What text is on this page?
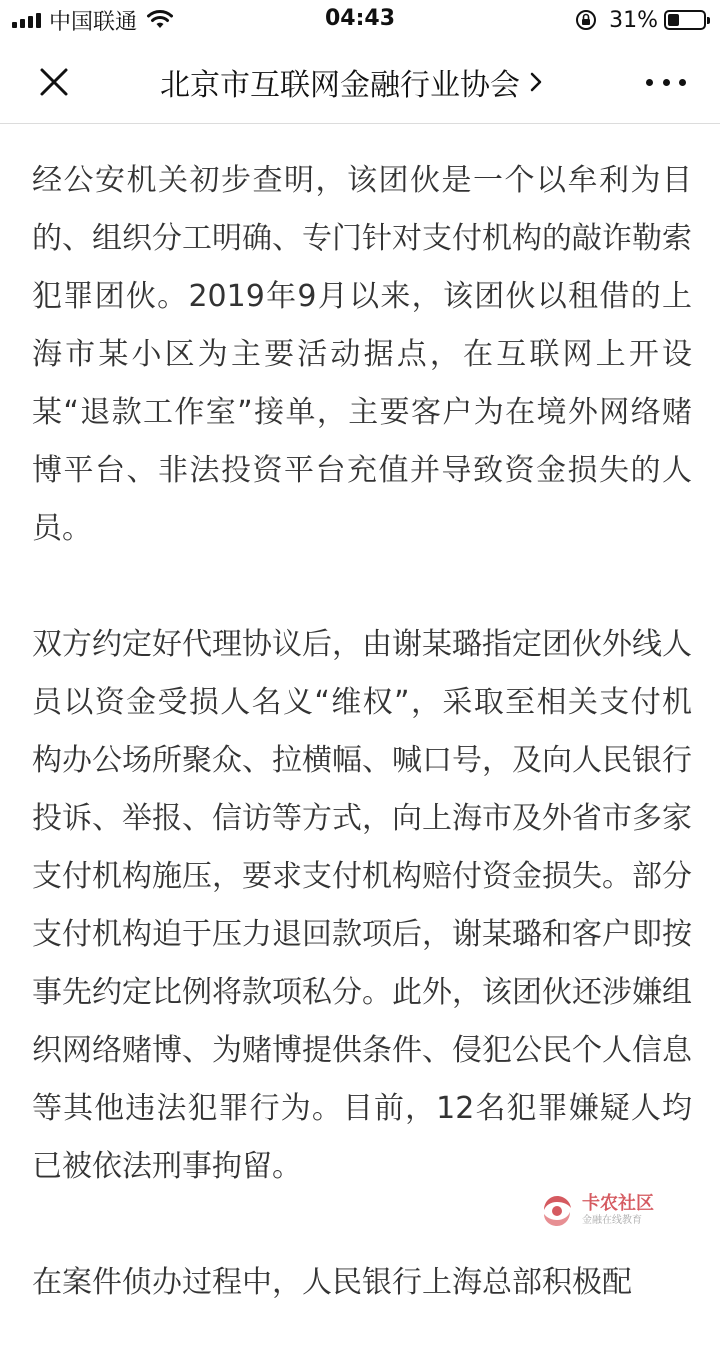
中国联通	04:43	31%
北京市互联网金融行业协会

经公安机关初步查明，该团伙是一个以牟利为目的、组织分工明确、专门针对支付机构的敲诈勒索犯罪团伙。2019年9月以来，该团伙以租借的上海市某小区为主要活动据点，在互联网上开设某“退款工作室”接单，主要客户为在境外网络赌博平台、非法投资平台充值并导致资金损失的人员。

双方约定好代理协议后，由谢某璐指定团伙外线人员以资金受损人名义“维权”，采取至相关支付机构办公场所聚众、拉横幅、喊口号，及向人民银行投诉、举报、信访等方式，向上海市及外省市多家支付机构施压，要求支付机构赔付资金损失。部分支付机构迫于压力退回款项后，谢某璐和客户即按事先约定比例将款项私分。此外，该团伙还涉嫌组织网络赌博、为赌博提供条件、侵犯公民个人信息等其他违法犯罪行为。目前，12名犯罪嫌疑人均已被依法刑事拘留。

在案件侦办过程中，人民银行上海总部积极配

卡农社区
金融在线教育
